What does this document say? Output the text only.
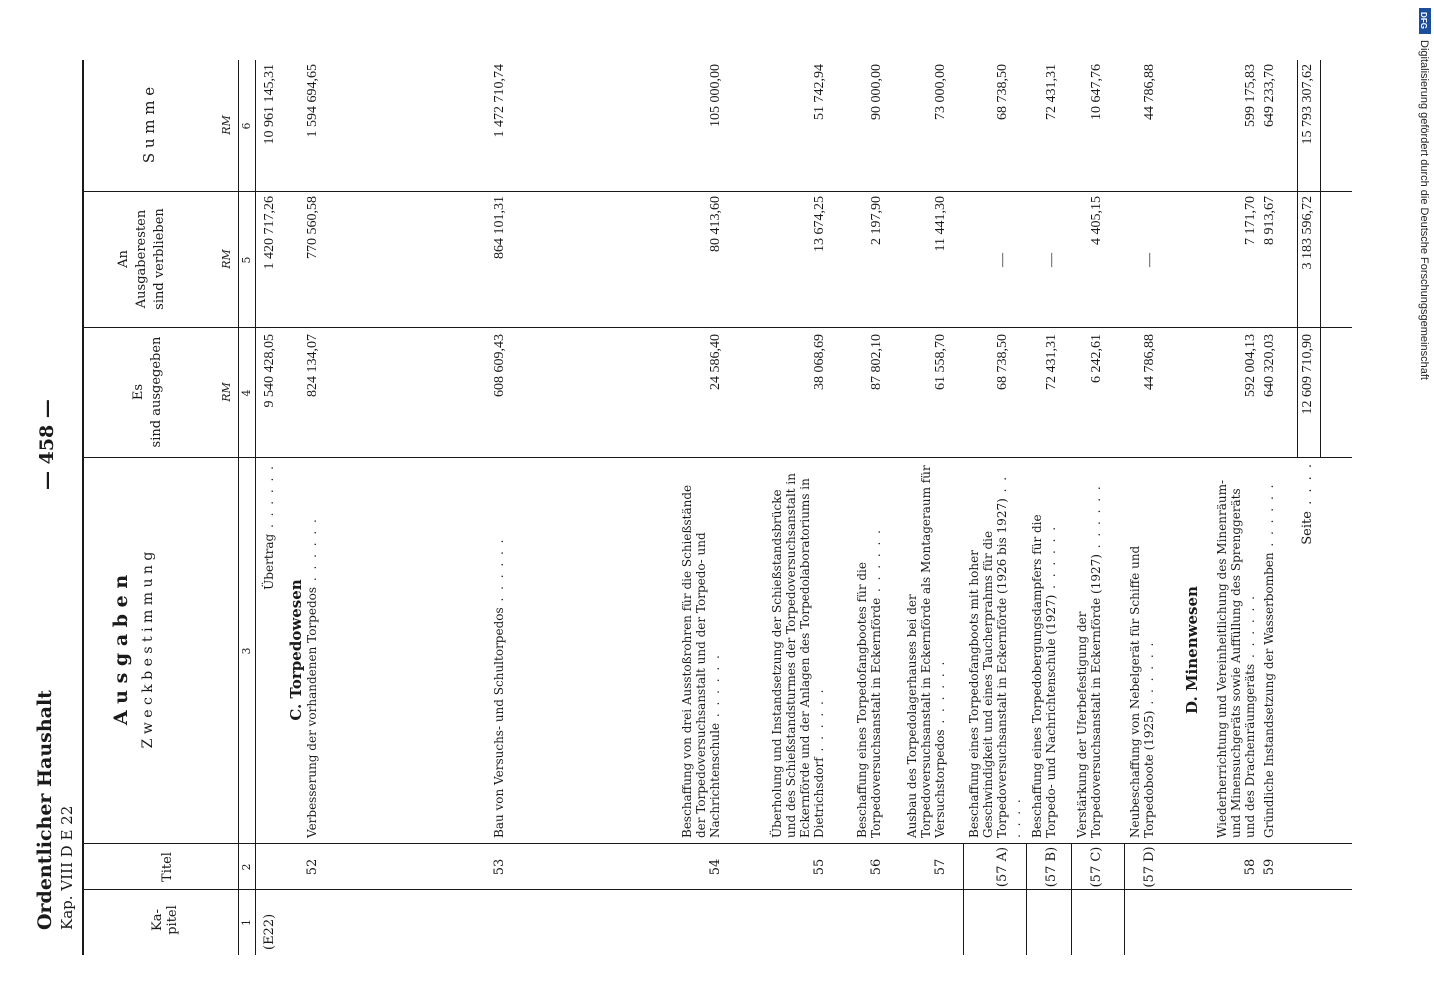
Ordentlicher Haushalt Kap. VIII D E 22
— 458 —
Ka-
pitel
Titel
A u s g a b e n Z w e c k b e s t i m m u n g
Es
sind ausgegeben
An
Ausgaberesten
sind verblieben
S u m m e
RM
RM
RM
1
2
3
4
5
6
(E22)
C. Torpedowesen	D. Minenwesen
Seite . . . .
12 609 710,90
3 183 596,72
15 793 307,62
Übertrag . . . . . .
9 540 428,05
1 420 717,26
10 961 145,31
52
Verbesserung der vorhandenen Torpedos . . . . . .
824 134,07
770 560,58
1 594 694,65
53
Bau von Versuchs- und Schultorpedos . . . . . .
608 609,43
864 101,31
1 472 710,74
54
Beschaffung von drei Ausstoßrohren für die Schießstände der Torpedoversuchsanstalt und der Torpedo- und Nachrichtenschule . . . . . .
24 586,40
80 413,60
105 000,00
55
Überholung und Instandsetzung der Schießstandsbrücke und des Schießstandsturmes der Torpedoversuchsanstalt in Eckernförde und der Anlagen des Torpedolaboratoriums in Dietrichsdorf . . . . . .
38 068,69
13 674,25
51 742,94
56
Beschaffung eines Torpedofangbootes für die Torpedoversuchsanstalt in Eckernförde . . . . . .
87 802,10
2 197,90
90 000,00
57
Ausbau des Torpedolagerhauses bei der Torpedoversuchsanstalt in Eckernförde als Montageraum für Versuchstorpedos . . . . . .
61 558,70
11 441,30
73 000,00
(57 A)
Beschaffung eines Torpedofangboots mit hoher Geschwindigkeit und eines Taucherprahms für die Torpedoversuchsanstalt in Eckernförde (1926 bis 1927) . . . . . .
68 738,50
—
68 738,50
(57 B)
Beschaffung eines Torpedobergungsdampfers für die Torpedo- und Nachrichtenschule (1927) . . . . . .
72 431,31
—
72 431,31
(57 C)
Verstärkung der Uferbefestigung der Torpedoversuchsanstalt in Eckernförde (1927) . . . . . .
6 242,61
4 405,15
10 647,76
(57 D)
Neubeschaffung von Nebelgerät für Schiffe und Torpedoboote (1925) . . . . . .
44 786,88
—
44 786,88
58
Wiederherrichtung und Vereinheitlichung des Minenräum- und Minensuchgeräts sowie Auffüllung des Sprenggeräts und des Drachenräumgeräts . . . . . .
592 004,13
7 171,70
599 175,83
59
Gründliche Instandsetzung der Wasserbomben . . . . . .
640 320,03
8 913,67
649 233,70
DFG
Digitalisierung gefördert durch die Deutsche Forschungsgemeinschaft
